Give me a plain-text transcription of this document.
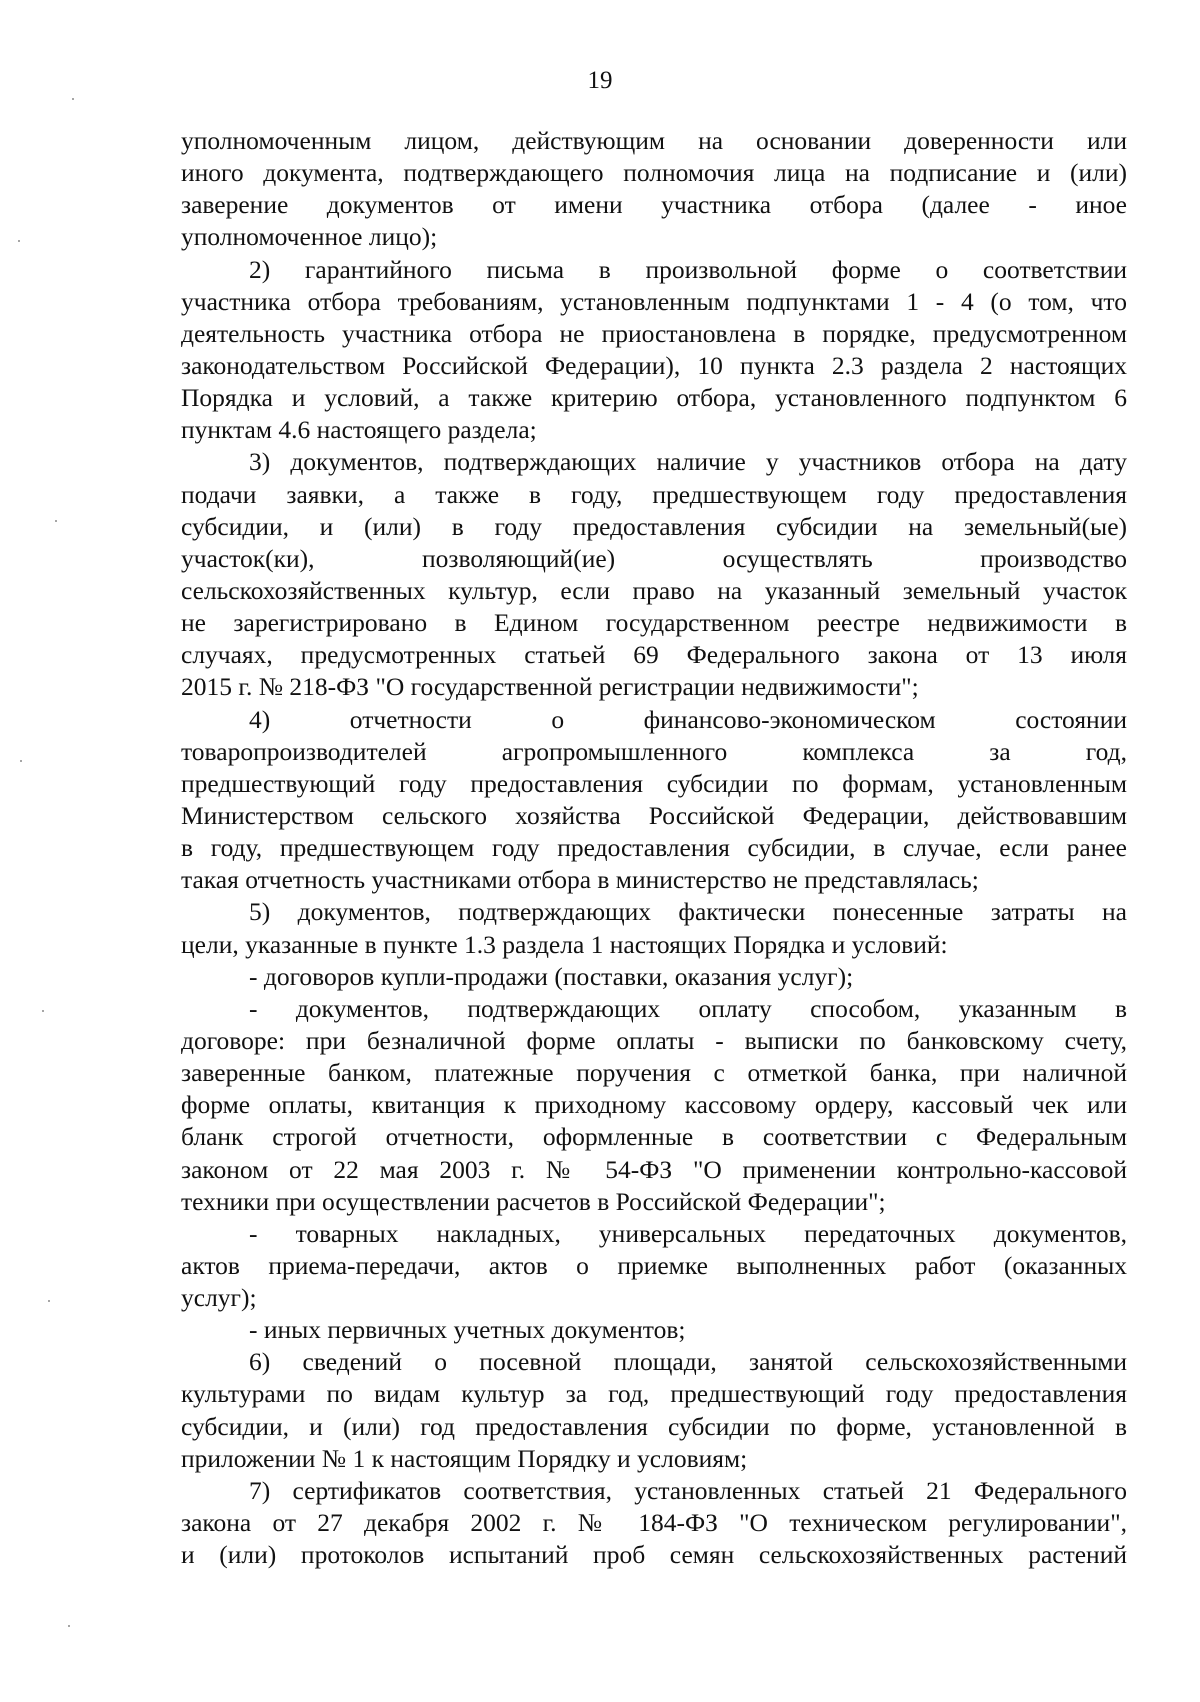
19
уполномоченным лицом, действующим на основании доверенности или
иного документа, подтверждающего полномочия лица на подписание и (или)
заверение документов от имени участника отбора (далее - иное
уполномоченное лицо);
2) гарантийного письма в произвольной форме о соответствии
участника отбора требованиям, установленным подпунктами 1 - 4 (о том, что
деятельность участника отбора не приостановлена в порядке, предусмотренном
законодательством Российской Федерации), 10 пункта 2.3 раздела 2 настоящих
Порядка и условий, а также критерию отбора, установленного подпунктом 6
пунктам 4.6 настоящего раздела;
3) документов, подтверждающих наличие у участников отбора на дату
подачи заявки, а также в году, предшествующем году предоставления
субсидии, и (или) в году предоставления субсидии на земельный(ые)
участок(ки), позволяющий(ие) осуществлять производство
сельскохозяйственных культур, если право на указанный земельный участок
не зарегистрировано в Едином государственном реестре недвижимости в
случаях, предусмотренных статьей 69 Федерального закона от 13 июля
2015 г. № 218-ФЗ "О государственной регистрации недвижимости";
4) отчетности о финансово-экономическом состоянии
товаропроизводителей агропромышленного комплекса за год,
предшествующий году предоставления субсидии по формам, установленным
Министерством сельского хозяйства Российской Федерации, действовавшим
в году, предшествующем году предоставления субсидии, в случае, если ранее
такая отчетность участниками отбора в министерство не представлялась;
5) документов, подтверждающих фактически понесенные затраты на
цели, указанные в пункте 1.3 раздела 1 настоящих Порядка и условий:
- договоров купли-продажи (поставки, оказания услуг);
- документов, подтверждающих оплату способом, указанным в
договоре: при безналичной форме оплаты - выписки по банковскому счету,
заверенные банком, платежные поручения с отметкой банка, при наличной
форме оплаты, квитанция к приходному кассовому ордеру, кассовый чек или
бланк строгой отчетности, оформленные в соответствии с Федеральным
законом от 22 мая 2003 г. № 54-ФЗ "О применении контрольно-кассовой
техники при осуществлении расчетов в Российской Федерации";
- товарных накладных, универсальных передаточных документов,
актов приема-передачи, актов о приемке выполненных работ (оказанных
услуг);
- иных первичных учетных документов;
6) сведений о посевной площади, занятой сельскохозяйственными
культурами по видам культур за год, предшествующий году предоставления
субсидии, и (или) год предоставления субсидии по форме, установленной в
приложении № 1 к настоящим Порядку и условиям;
7) сертификатов соответствия, установленных статьей 21 Федерального
закона от 27 декабря 2002 г. № 184-ФЗ "О техническом регулировании",
и (или) протоколов испытаний проб семян сельскохозяйственных растений
